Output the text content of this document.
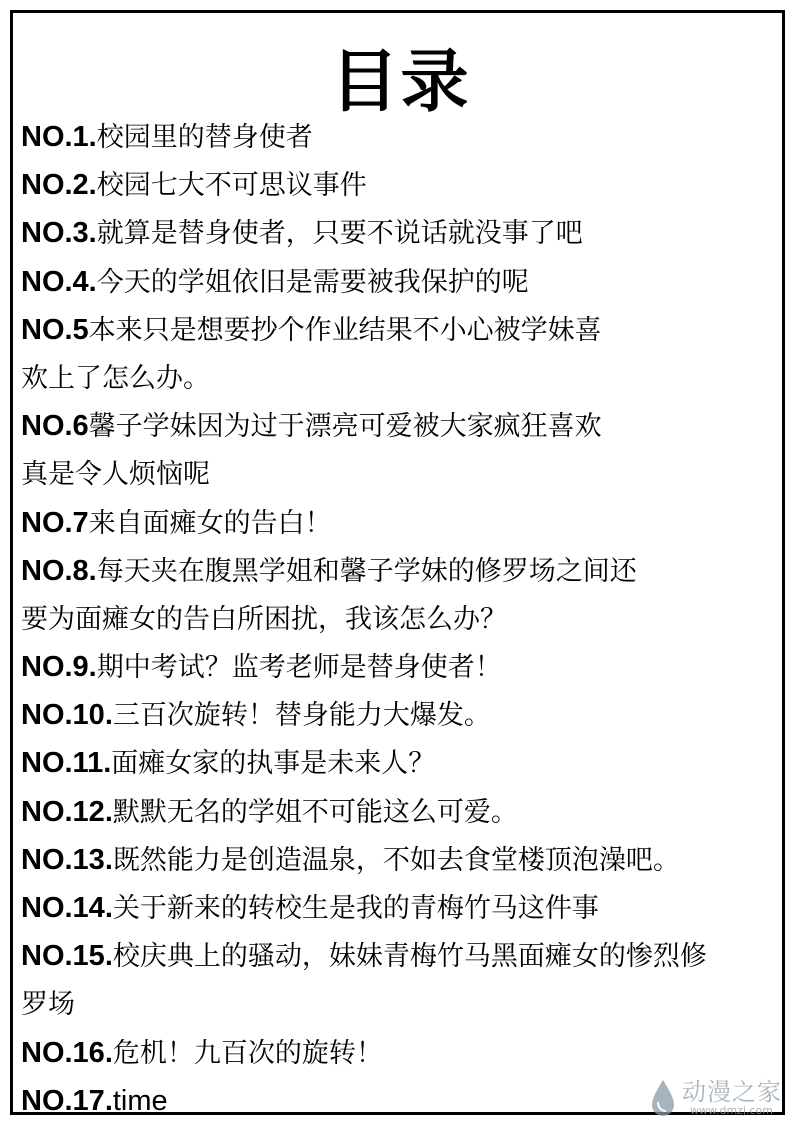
目录
NO.1.校园里的替身使者
NO.2.校园七大不可思议事件
NO.3.就算是替身使者，只要不说话就没事了吧
NO.4.今天的学姐依旧是需要被我保护的呢
NO.5本来只是想要抄个作业结果不小心被学妹喜
欢上了怎么办。
NO.6馨子学妹因为过于漂亮可爱被大家疯狂喜欢
真是令人烦恼呢
NO.7来自面瘫女的告白！
NO.8.每天夹在腹黑学姐和馨子学妹的修罗场之间还
要为面瘫女的告白所困扰，我该怎么办？
NO.9.期中考试？监考老师是替身使者！
NO.10.三百次旋转！替身能力大爆发。
NO.11.面瘫女家的执事是未来人？
NO.12.默默无名的学姐不可能这么可爱。
NO.13.既然能力是创造温泉，不如去食堂楼顶泡澡吧。
NO.14.关于新来的转校生是我的青梅竹马这件事
NO.15.校庆典上的骚动，妹妹青梅竹马黑面瘫女的惨烈修
罗场
NO.16.危机！九百次的旋转！
NO.17.time	动漫之家
www.dmzj.com
